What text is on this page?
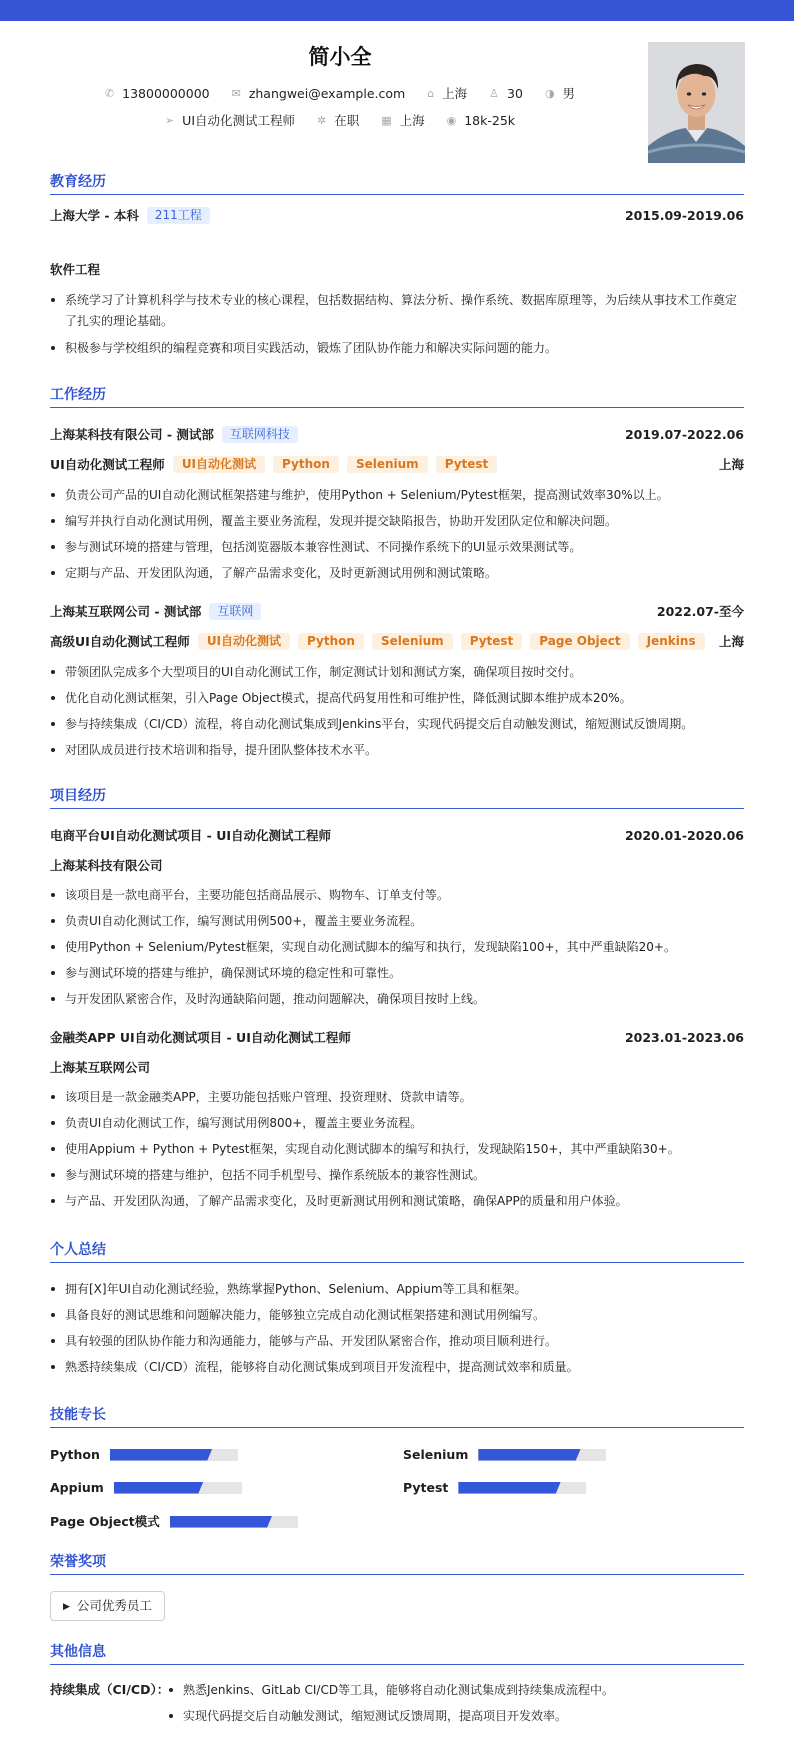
简小全
✆ 13800000000 ✉ zhangwei@example.com ⌂ 上海 ♙ 30 ◑ 男
➢ UI自动化测试工程师 ✲ 在职 ▦ 上海 ◉ 18k-25k
教育经历
上海大学 - 本科 211工程	2015.09-2019.06
软件工程
系统学习了计算机科学与技术专业的核心课程，包括数据结构、算法分析、操作系统、数据库原理等，为后续从事技术工作奠定了扎实的理论基础。
积极参与学校组织的编程竞赛和项目实践活动，锻炼了团队协作能力和解决实际问题的能力。
工作经历
上海某科技有限公司 - 测试部 互联网科技	2019.07-2022.06
UI自动化测试工程师 UI自动化测试 Python Selenium Pytest	上海
负责公司产品的UI自动化测试框架搭建与维护，使用Python + Selenium/Pytest框架，提高测试效率30%以上。
编写并执行自动化测试用例，覆盖主要业务流程，发现并提交缺陷报告，协助开发团队定位和解决问题。
参与测试环境的搭建与管理，包括浏览器版本兼容性测试、不同操作系统下的UI显示效果测试等。
定期与产品、开发团队沟通，了解产品需求变化，及时更新测试用例和测试策略。
上海某互联网公司 - 测试部 互联网	2022.07-至今
高级UI自动化测试工程师 UI自动化测试 Python Selenium Pytest Page Object Jenkins	上海
带领团队完成多个大型项目的UI自动化测试工作，制定测试计划和测试方案，确保项目按时交付。
优化自动化测试框架，引入Page Object模式，提高代码复用性和可维护性，降低测试脚本维护成本20%。
参与持续集成（CI/CD）流程，将自动化测试集成到Jenkins平台，实现代码提交后自动触发测试，缩短测试反馈周期。
对团队成员进行技术培训和指导，提升团队整体技术水平。
项目经历
电商平台UI自动化测试项目 - UI自动化测试工程师	2020.01-2020.06
上海某科技有限公司
该项目是一款电商平台，主要功能包括商品展示、购物车、订单支付等。
负责UI自动化测试工作，编写测试用例500+，覆盖主要业务流程。
使用Python + Selenium/Pytest框架，实现自动化测试脚本的编写和执行，发现缺陷100+，其中严重缺陷20+。
参与测试环境的搭建与维护，确保测试环境的稳定性和可靠性。
与开发团队紧密合作，及时沟通缺陷问题，推动问题解决，确保项目按时上线。
金融类APP UI自动化测试项目 - UI自动化测试工程师	2023.01-2023.06
上海某互联网公司
该项目是一款金融类APP，主要功能包括账户管理、投资理财、贷款申请等。
负责UI自动化测试工作，编写测试用例800+，覆盖主要业务流程。
使用Appium + Python + Pytest框架，实现自动化测试脚本的编写和执行，发现缺陷150+，其中严重缺陷30+。
参与测试环境的搭建与维护，包括不同手机型号、操作系统版本的兼容性测试。
与产品、开发团队沟通，了解产品需求变化，及时更新测试用例和测试策略，确保APP的质量和用户体验。
个人总结
拥有[X]年UI自动化测试经验，熟练掌握Python、Selenium、Appium等工具和框架。
具备良好的测试思维和问题解决能力，能够独立完成自动化测试框架搭建和测试用例编写。
具有较强的团队协作能力和沟通能力，能够与产品、开发团队紧密合作，推动项目顺利进行。
熟悉持续集成（CI/CD）流程，能够将自动化测试集成到项目开发流程中，提高测试效率和质量。
技能专长
Python	Selenium
Appium	Pytest
Page Object模式
荣誉奖项
▶ 公司优秀员工
其他信息
持续集成（CI/CD）：	熟悉Jenkins、GitLab CI/CD等工具，能够将自动化测试集成到持续集成流程中。
实现代码提交后自动触发测试，缩短测试反馈周期，提高项目开发效率。
